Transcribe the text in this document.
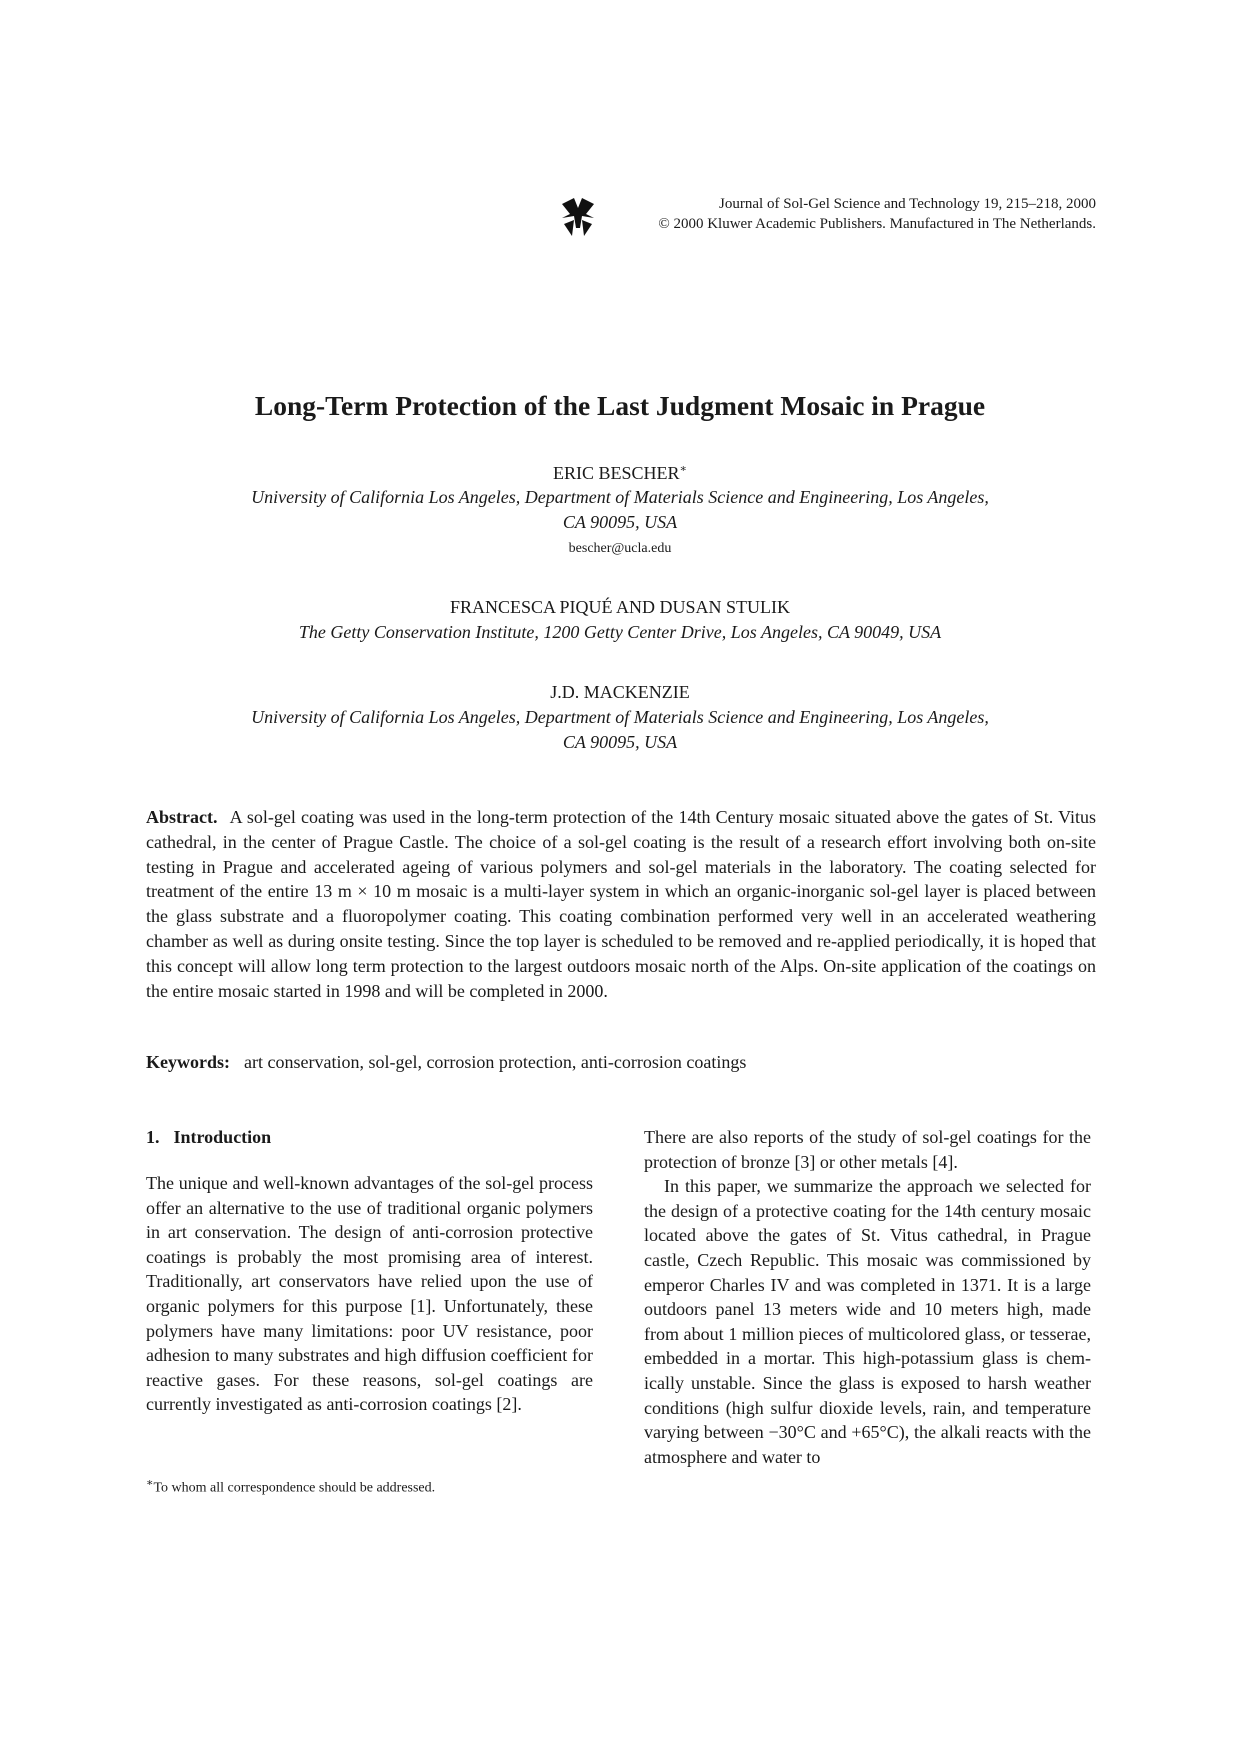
Journal of Sol-Gel Science and Technology 19, 215–218, 2000
© 2000 Kluwer Academic Publishers. Manufactured in The Netherlands.
Long-Term Protection of the Last Judgment Mosaic in Prague
ERIC BESCHER∗
University of California Los Angeles, Department of Materials Science and Engineering, Los Angeles,
CA 90095, USA
bescher@ucla.edu
FRANCESCA PIQUÉ AND DUSAN STULIK
The Getty Conservation Institute, 1200 Getty Center Drive, Los Angeles, CA 90049, USA
J.D. MACKENZIE
University of California Los Angeles, Department of Materials Science and Engineering, Los Angeles,
CA 90095, USA
Abstract. A sol-gel coating was used in the long-term protection of the 14th Century mosaic situated above the gates of St. Vitus cathedral, in the center of Prague Castle. The choice of a sol-gel coating is the result of a research effort involving both on-site testing in Prague and accelerated ageing of various polymers and sol-gel materials in the laboratory. The coating selected for treatment of the entire 13 m × 10 m mosaic is a multi-layer system in which an organic-inorganic sol-gel layer is placed between the glass substrate and a fluoropolymer coating. This coating combination performed very well in an accelerated weathering chamber as well as during onsite testing. Since the top layer is scheduled to be removed and re-applied periodically, it is hoped that this concept will allow long term protection to the largest outdoors mosaic north of the Alps. On-site application of the coatings on the entire mosaic started in 1998 and will be completed in 2000.
Keywords: art conservation, sol-gel, corrosion protection, anti-corrosion coatings
1. Introduction

The unique and well-known advantages of the sol-gel process offer an alternative to the use of traditional organic polymers in art conservation. The design of anti-corrosion protective coatings is probably the most promising area of interest. Traditionally, art conservators have relied upon the use of organic polymers for this purpose [1]. Unfortunately, these polymers have many limitations: poor UV resistance, poor adhesion to many substrates and high diffusion coefficient for reactive gases. For these reasons, sol-gel coatings are currently investigated as anti-corrosion coatings [2].

There are also reports of the study of sol-gel coatings for the protection of bronze [3] or other metals [4].

In this paper, we summarize the approach we selected for the design of a protective coating for the 14th century mosaic located above the gates of St. Vitus cathedral, in Prague castle, Czech Republic. This mosaic was commissioned by emperor Charles IV and was completed in 1371. It is a large outdoors panel 13 meters wide and 10 meters high, made from about 1 million pieces of multicolored glass, or tesserae, embedded in a mortar. This high-potassium glass is chemically unstable. Since the glass is exposed to harsh weather conditions (high sulfur dioxide levels, rain, and temperature varying between −30°C and +65°C), the alkali reacts with the atmosphere and water to

∗To whom all correspondence should be addressed.
